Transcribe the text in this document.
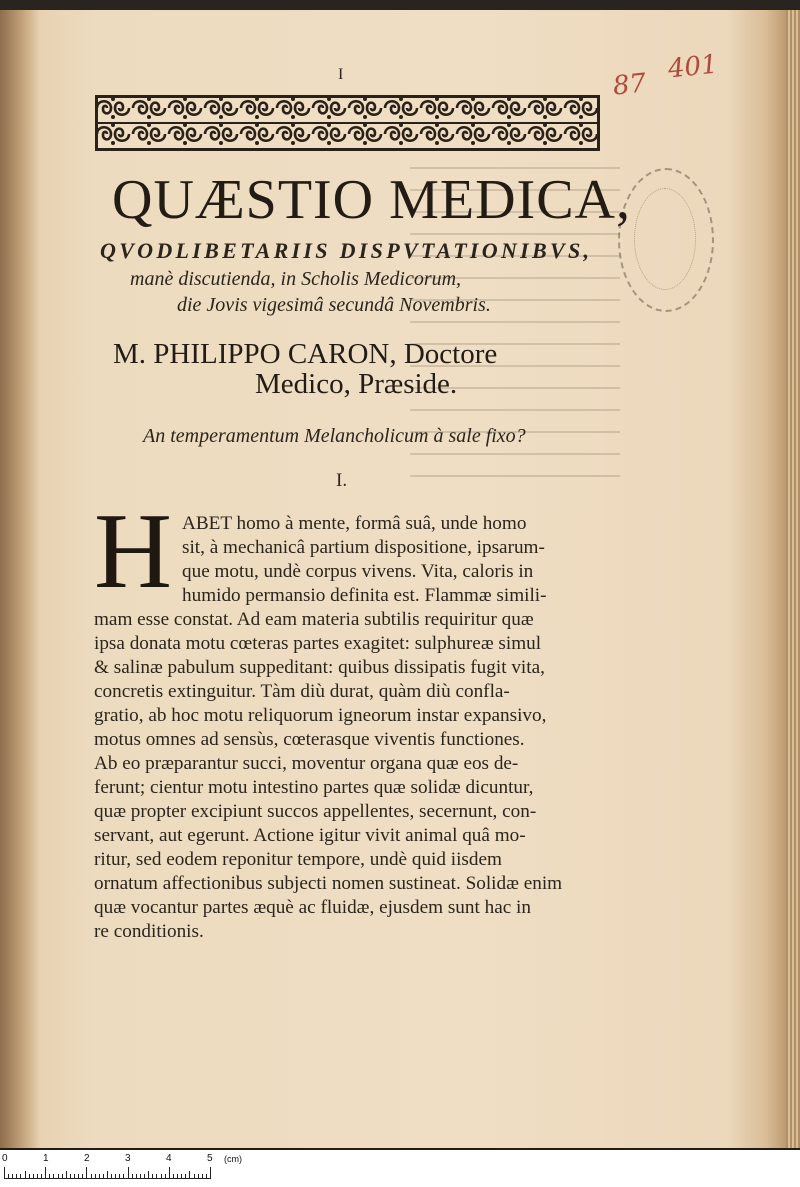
I	87
401
QUÆSTIO MEDICA,
QVODLIBETARIIS DISPVTATIONIBVS,
manè discutienda, in Scholis Medicorum,
die Jovis vigesimâ secundâ Novembris.
M. PHILIPPO CARON, Doctore
Medico, Præside.
An temperamentum Melancholicum à sale fixo?
I.
H ABET homo à mente, formâ suâ, unde homo
sit, à mechanicâ partium dispositione, ipsarum-
que motu, undè corpus vivens. Vita, caloris in
humido permansio definita est. Flammæ simili-
mam esse constat. Ad eam materia subtilis requiritur quæ
ipsa donata motu cœteras partes exagitet: sulphureæ simul
& salinæ pabulum suppeditant: quibus dissipatis fugit vita,
concretis extinguitur. Tàm diù durat, quàm diù confla-
gratio, ab hoc motu reliquorum igneorum instar expansivo,
motus omnes ad sensùs, cœterasque viventis functiones.
Ab eo præparantur succi, moventur organa quæ eos de-
ferunt; cientur motu intestino partes quæ solidæ dicuntur,
quæ propter excipiunt succos appellentes, secernunt, con-
servant, aut egerunt. Actione igitur vivit animal quâ mo-
ritur, sed eodem reponitur tempore, undè quid iisdem
ornatum affectionibus subjecti nomen sustineat. Solidæ enim
quæ vocantur partes æquè ac fluidæ, ejusdem sunt hac in
re conditionis.
0	1	2	3	4	5 (cm)
